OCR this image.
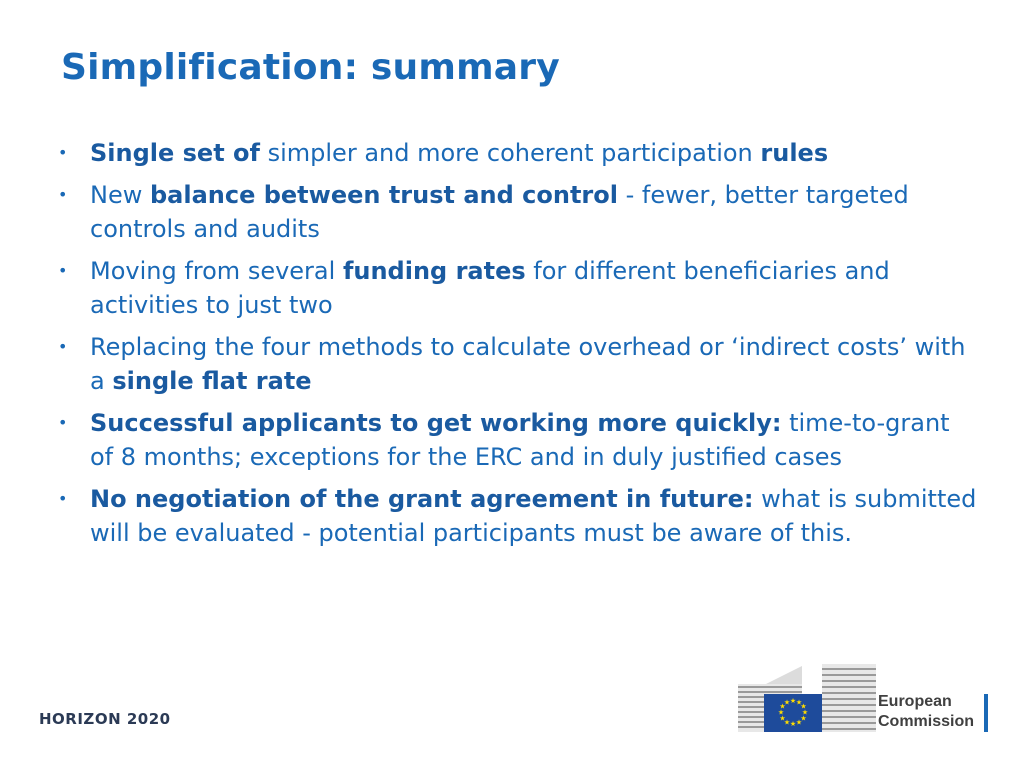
Simplification: summary
• Single set of simpler and more coherent participation rules
• New balance between trust and control - fewer, better targeted controls and audits
• Moving from several funding rates for different beneficiaries and activities to just two
• Replacing the four methods to calculate overhead or ‘indirect costs’ with a single flat rate
• Successful applicants to get working more quickly: time-to-grant of 8 months; exceptions for the ERC and in duly justified cases
• No negotiation of the grant agreement in future: what is submitted will be evaluated - potential participants must be aware of this.
HORIZON 2020
★ ★
★
★
★
★
★
★
★
★
★
★	European
Commission
